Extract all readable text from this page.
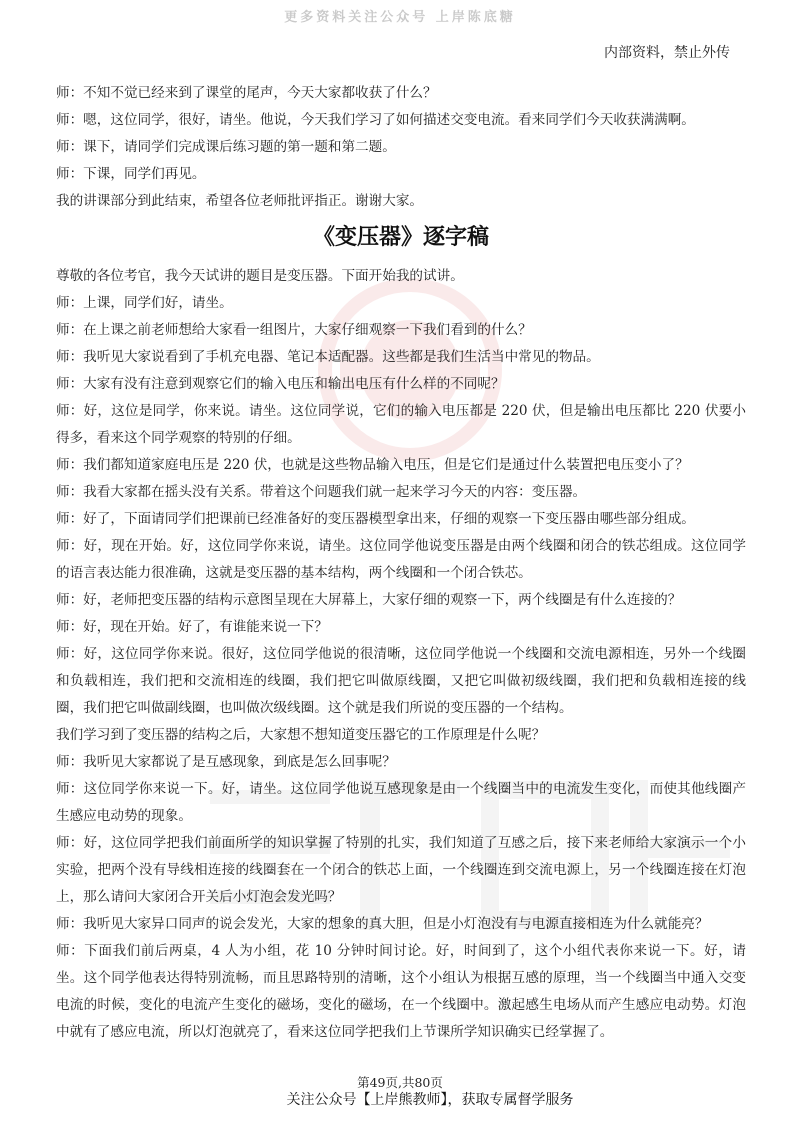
更多资料关注公众号 上岸陈底糖
内部资料，禁止外传

师：不知不觉已经来到了课堂的尾声，今天大家都收获了什么？

师：嗯，这位同学，很好，请坐。他说，今天我们学习了如何描述交变电流。看来同学们今天收获满满啊。

师：课下，请同学们完成课后练习题的第一题和第二题。

师：下课，同学们再见。

我的讲课部分到此结束，希望各位老师批评指正。谢谢大家。

《变压器》逐字稿

尊敬的各位考官，我今天试讲的题目是变压器。下面开始我的试讲。

师：上课，同学们好，请坐。

师：在上课之前老师想给大家看一组图片，大家仔细观察一下我们看到的什么？

师：我听见大家说看到了手机充电器、笔记本适配器。这些都是我们生活当中常见的物品。

师：大家有没有注意到观察它们的输入电压和输出电压有什么样的不同呢？

师：好，这位是同学，你来说。请坐。这位同学说，它们的输入电压都是 220 伏，但是输出电压都比 220 伏要小得多，看来这个同学观察的特别的仔细。

师：我们都知道家庭电压是 220 伏，也就是这些物品输入电压，但是它们是通过什么装置把电压变小了？

师：我看大家都在摇头没有关系。带着这个问题我们就一起来学习今天的内容：变压器。

师：好了，下面请同学们把课前已经准备好的变压器模型拿出来，仔细的观察一下变压器由哪些部分组成。

师：好，现在开始。好，这位同学你来说，请坐。这位同学他说变压器是由两个线圈和闭合的铁芯组成。这位同学的语言表达能力很准确，这就是变压器的基本结构，两个线圈和一个闭合铁芯。

师：好，老师把变压器的结构示意图呈现在大屏幕上，大家仔细的观察一下，两个线圈是有什么连接的？

师：好，现在开始。好了，有谁能来说一下？

师：好，这位同学你来说。很好，这位同学他说的很清晰，这位同学他说一个线圈和交流电源相连，另外一个线圈和负载相连，我们把和交流相连的线圈，我们把它叫做原线圈，又把它叫做初级线圈，我们把和负载相连接的线圈，我们把它叫做副线圈，也叫做次级线圈。这个就是我们所说的变压器的一个结构。

我们学习到了变压器的结构之后，大家想不想知道变压器它的工作原理是什么呢？

师：我听见大家都说了是互感现象，到底是怎么回事呢？

师：这位同学你来说一下。好，请坐。这位同学他说互感现象是由一个线圈当中的电流发生变化，而使其他线圈产生感应电动势的现象。

师：好，这位同学把我们前面所学的知识掌握了特别的扎实，我们知道了互感之后，接下来老师给大家演示一个小实验，把两个没有导线相连接的线圈套在一个闭合的铁芯上面，一个线圈连到交流电源上，另一个线圈连接在灯泡上，那么请问大家闭合开关后小灯泡会发光吗？

师：我听见大家异口同声的说会发光，大家的想象的真大胆，但是小灯泡没有与电源直接相连为什么就能亮？

师：下面我们前后两桌，4 人为小组，花 10 分钟时间讨论。好，时间到了，这个小组代表你来说一下。好，请坐。这个同学他表达得特别流畅，而且思路特别的清晰，这个小组认为根据互感的原理，当一个线圈当中通入交变电流的时候，变化的电流产生变化的磁场，变化的磁场，在一个线圈中。激起感生电场从而产生感应电动势。灯泡中就有了感应电流，所以灯泡就亮了，看来这位同学把我们上节课所学知识确实已经掌握了。

第49页,共80页
关注公众号【上岸熊教师】，获取专属督学服务
